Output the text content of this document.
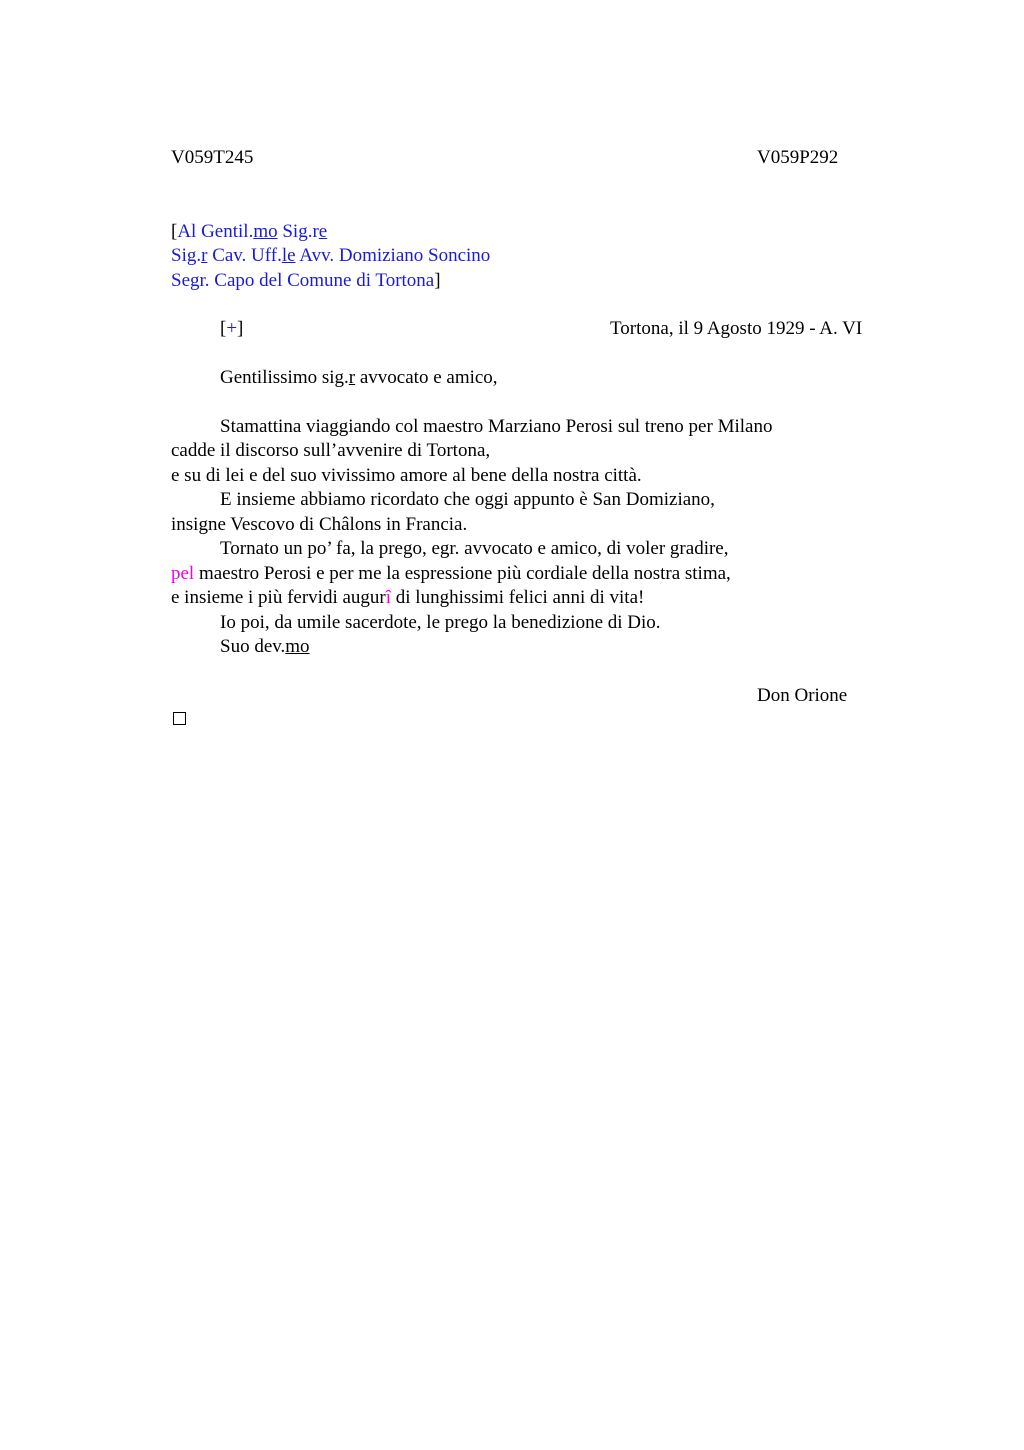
V059T245	V059P292
[Al Gentil.mo Sig.re
Sig.r Cav. Uff.le Avv. Domiziano Soncino
Segr. Capo del Comune di Tortona]
[+]	Tortona, il 9 Agosto 1929 - A. VI
Gentilissimo sig.r avvocato e amico,
Stamattina viaggiando col maestro Marziano Perosi sul treno per Milano
cadde il discorso sull’avvenire di Tortona,
e su di lei e del suo vivissimo amore al bene della nostra città.
E insieme abbiamo ricordato che oggi appunto è San Domiziano,
insigne Vescovo di Châlons in Francia.
Tornato un po’ fa, la prego, egr. avvocato e amico, di voler gradire,
pel maestro Perosi e per me la espressione più cordiale della nostra stima,
e insieme i più fervidi augurî di lunghissimi felici anni di vita!
Io poi, da umile sacerdote, le prego la benedizione di Dio.
Suo dev.mo
Don Orione
